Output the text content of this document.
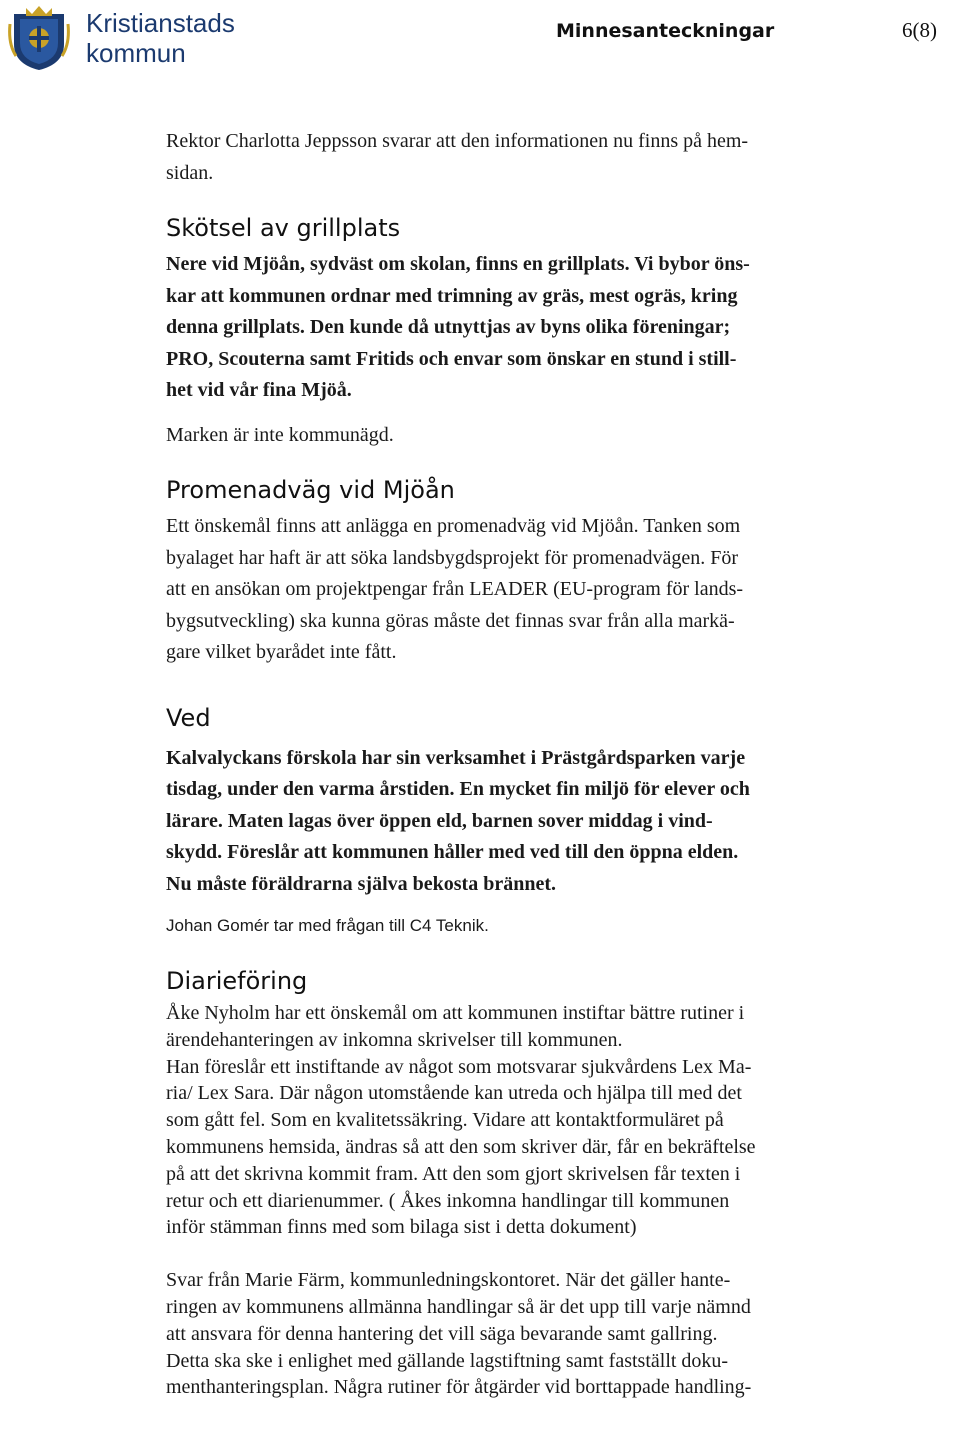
Kristianstads
kommun
Minnesanteckningar	6(8)

Rektor Charlotta Jeppsson svarar att den informationen nu finns på hem-
sidan.

Skötsel av grillplats

Nere vid Mjöån, sydväst om skolan, finns en grillplats. Vi bybor öns-
kar att kommunen ordnar med trimning av gräs, mest ogräs, kring
denna grillplats. Den kunde då utnyttjas av byns olika föreningar;
PRO, Scouterna samt Fritids och envar som önskar en stund i still-
het vid vår fina Mjöå.

Marken är inte kommunägd.

Promenadväg vid Mjöån

Ett önskemål finns att anlägga en promenadväg vid Mjöån. Tanken som
byalaget har haft är att söka landsbygdsprojekt för promenadvägen. För
att en ansökan om projektpengar från LEADER (EU-program för lands-
bygsutveckling) ska kunna göras måste det finnas svar från alla markä-
gare vilket byarådet inte fått.

Ved

Kalvalyckans förskola har sin verksamhet i Prästgårdsparken varje
tisdag, under den varma årstiden. En mycket fin miljö för elever och
lärare. Maten lagas över öppen eld, barnen sover middag i vind-
skydd. Föreslår att kommunen håller med ved till den öppna elden.
Nu måste föräldrarna själva bekosta brännet.

Johan Gomér tar med frågan till C4 Teknik.

Diarieföring

Åke Nyholm har ett önskemål om att kommunen instiftar bättre rutiner i
ärendehanteringen av inkomna skrivelser till kommunen.
Han föreslår ett instiftande av något som motsvarar sjukvårdens Lex Ma-
ria/ Lex Sara. Där någon utomstående kan utreda och hjälpa till med det
som gått fel. Som en kvalitetssäkring. Vidare att kontaktformuläret på
kommunens hemsida, ändras så att den som skriver där, får en bekräftelse
på att det skrivna kommit fram. Att den som gjort skrivelsen får texten i
retur och ett diarienummer. ( Åkes inkomna handlingar till kommunen
inför stämman finns med som bilaga sist i detta dokument)

Svar från Marie Färm, kommunledningskontoret. När det gäller hante-
ringen av kommunens allmänna handlingar så är det upp till varje nämnd
att ansvara för denna hantering det vill säga bevarande samt gallring.
Detta ska ske i enlighet med gällande lagstiftning samt fastställt doku-
menthanteringsplan. Några rutiner för åtgärder vid borttappade handling-
